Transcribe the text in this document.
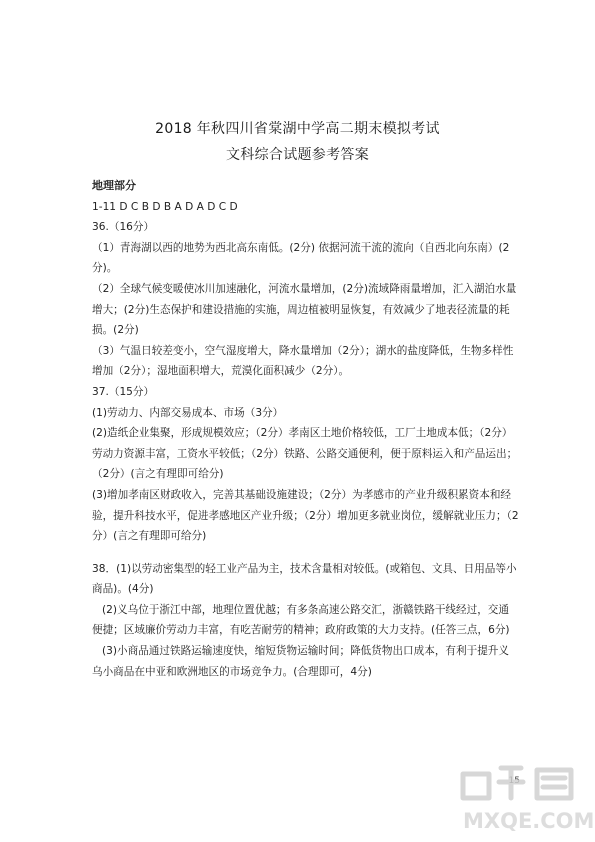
2018 年秋四川省棠湖中学高二期末模拟考试
文科综合试题参考答案
地理部分
1-11 D C B D B A D A D C D
36.（16分）
（1）青海湖以西的地势为西北高东南低。(2分) 依据河流干流的流向（自西北向东南）(2
分)。
（2）全球气候变暖使冰川加速融化，河流水量增加，(2分)流域降雨量增加，汇入湖泊水量
增大；(2分)生态保护和建设措施的实施，周边植被明显恢复，有效减少了地表径流量的耗
损。(2分)
（3）气温日较差变小，空气湿度增大，降水量增加（2分）；湖水的盐度降低，生物多样性
增加（2分）；湿地面积增大，荒漠化面积减少（2分）。
37.（15分）
(1)劳动力、内部交易成本、市场（3分）
(2)造纸企业集聚，形成规模效应；（2分）孝南区土地价格较低，工厂土地成本低；（2分）
劳动力资源丰富，工资水平较低；（2分）铁路、公路交通便利，便于原料运入和产品运出；
（2分）(言之有理即可给分)
(3)增加孝南区财政收入，完善其基础设施建设；（2分）为孝感市的产业升级积累资本和经
验，提升科技水平，促进孝感地区产业升级；（2分）增加更多就业岗位，缓解就业压力；（2
分）(言之有理即可给分)
38．(1)以劳动密集型的轻工业产品为主，技术含量相对较低。(或箱包、文具、日用品等小
商品)。(4分)
(2)义乌位于浙江中部，地理位置优越；有多条高速公路交汇，浙赣铁路干线经过，交通
便捷；区域廉价劳动力丰富，有吃苦耐劳的精神；政府政策的大力支持。(任答三点，6分)
(3)小商品通过铁路运输速度快，缩短货物运输时间；降低货物出口成本，有利于提升义
乌小商品在中亚和欧洲地区的市场竞争力。(合理即可，4分)
15
MXQE.COM
